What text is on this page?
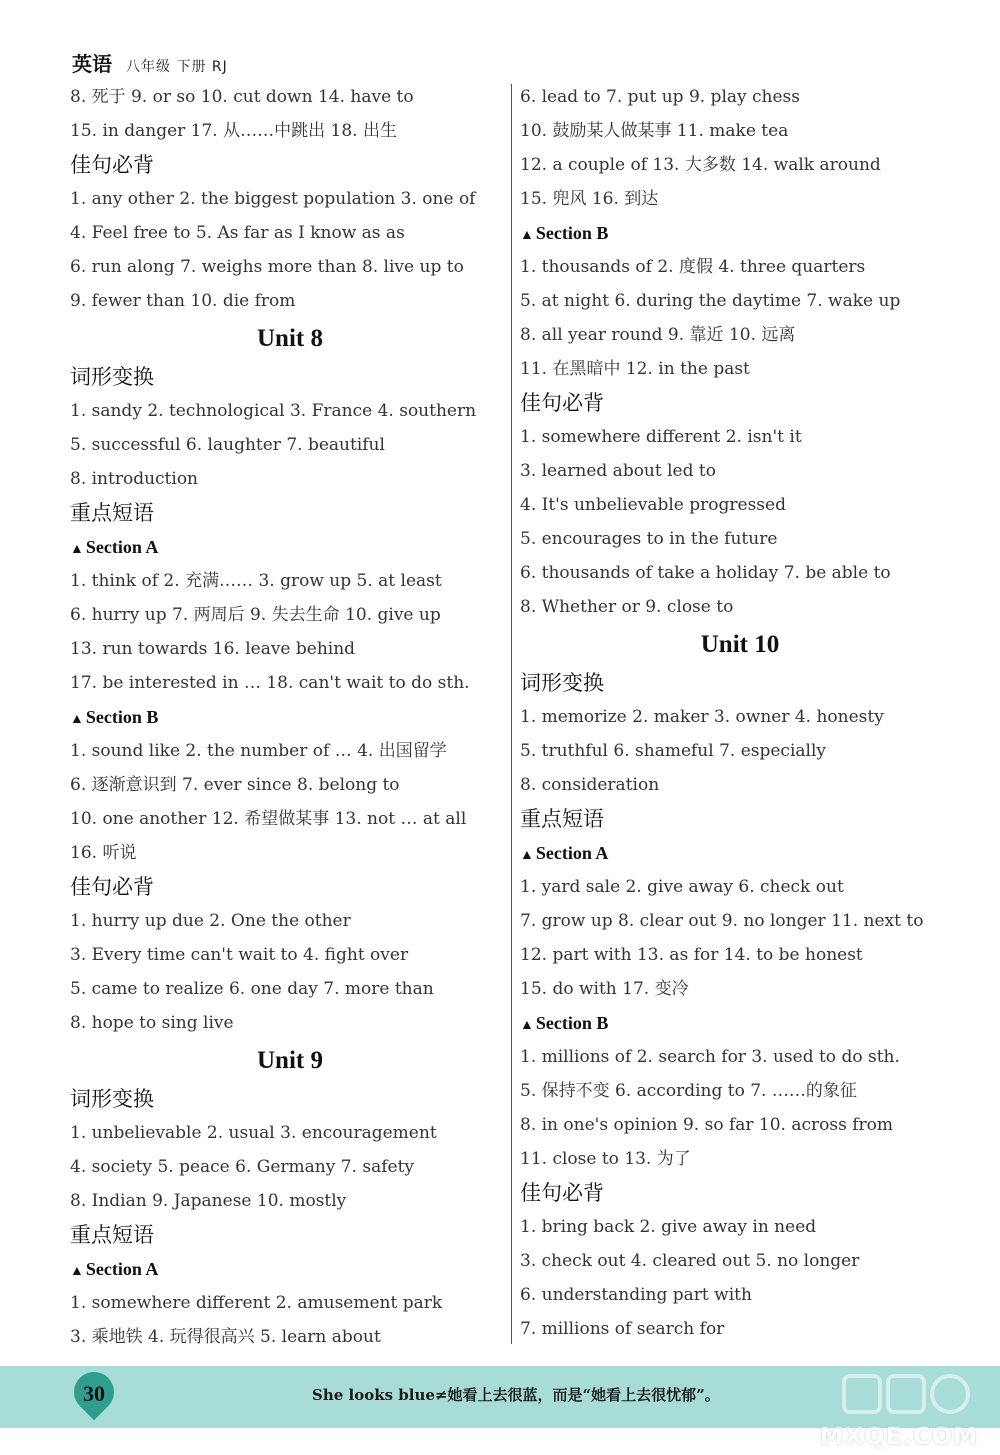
英语 八年级 下册 RJ
8. 死于 9. or so 10. cut down 14. have to
15. in danger 17. 从……中跳出 18. 出生
佳句必背
1. any other 2. the biggest population 3. one of
4. Feel free to 5. As far as I know as as
6. run along 7. weighs more than 8. live up to
9. fewer than 10. die from
Unit 8
词形变换
1. sandy 2. technological 3. France 4. southern
5. successful 6. laughter 7. beautiful
8. introduction
重点短语
▲ Section A
1. think of 2. 充满…… 3. grow up 5. at least
6. hurry up 7. 两周后 9. 失去生命 10. give up
13. run towards 16. leave behind
17. be interested in … 18. can't wait to do sth.
▲ Section B
1. sound like 2. the number of … 4. 出国留学
6. 逐渐意识到 7. ever since 8. belong to
10. one another 12. 希望做某事 13. not … at all
16. 听说
佳句必背
1. hurry up due 2. One the other
3. Every time can't wait to 4. fight over
5. came to realize 6. one day 7. more than
8. hope to sing live
Unit 9
词形变换
1. unbelievable 2. usual 3. encouragement
4. society 5. peace 6. Germany 7. safety
8. Indian 9. Japanese 10. mostly
重点短语
▲ Section A
1. somewhere different 2. amusement park
3. 乘地铁 4. 玩得很高兴 5. learn about
6. lead to 7. put up 9. play chess
10. 鼓励某人做某事 11. make tea
12. a couple of 13. 大多数 14. walk around
15. 兜风 16. 到达
▲ Section B
1. thousands of 2. 度假 4. three quarters
5. at night 6. during the daytime 7. wake up
8. all year round 9. 靠近 10. 远离
11. 在黑暗中 12. in the past
佳句必背
1. somewhere different 2. isn't it
3. learned about led to
4. It's unbelievable progressed
5. encourages to in the future
6. thousands of take a holiday 7. be able to
8. Whether or 9. close to
Unit 10
词形变换
1. memorize 2. maker 3. owner 4. honesty
5. truthful 6. shameful 7. especially
8. consideration
重点短语
▲ Section A
1. yard sale 2. give away 6. check out
7. grow up 8. clear out 9. no longer 11. next to
12. part with 13. as for 14. to be honest
15. do with 17. 变冷
▲ Section B
1. millions of 2. search for 3. used to do sth.
5. 保持不变 6. according to 7. ……的象征
8. in one's opinion 9. so far 10. across from
11. close to 13. 为了
佳句必背
1. bring back 2. give away in need
3. check out 4. cleared out 5. no longer
6. understanding part with
7. millions of search for
30	She looks blue≠她看上去很蓝，而是“她看上去很忧郁”。
MXQE.COM
